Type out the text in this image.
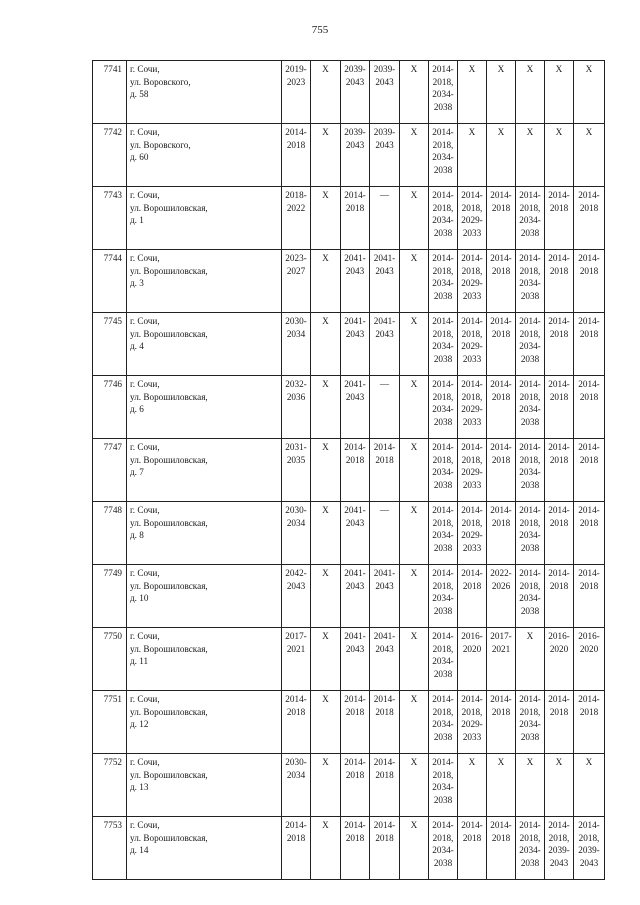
755
7741	г. Сочи,
ул. Воровского,
д. 58	2019-
2023	X	2039-
2043	2039-
2043	X	2014-
2018,
2034-
2038	X	X	X	X	X
7742	г. Сочи,
ул. Воровского,
д. 60	2014-
2018	X	2039-
2043	2039-
2043	X	2014-
2018,
2034-
2038	X	X	X	X	X
7743	г. Сочи,
ул. Ворошиловская,
д. 1	2018-
2022	X	2014-
2018	—	X	2014-
2018,
2034-
2038	2014-
2018,
2029-
2033	2014-
2018	2014-
2018,
2034-
2038	2014-
2018	2014-
2018
7744	г. Сочи,
ул. Ворошиловская,
д. 3	2023-
2027	X	2041-
2043	2041-
2043	X	2014-
2018,
2034-
2038	2014-
2018,
2029-
2033	2014-
2018	2014-
2018,
2034-
2038	2014-
2018	2014-
2018
7745	г. Сочи,
ул. Ворошиловская,
д. 4	2030-
2034	X	2041-
2043	2041-
2043	X	2014-
2018,
2034-
2038	2014-
2018,
2029-
2033	2014-
2018	2014-
2018,
2034-
2038	2014-
2018	2014-
2018
7746	г. Сочи,
ул. Ворошиловская,
д. 6	2032-
2036	X	2041-
2043	—	X	2014-
2018,
2034-
2038	2014-
2018,
2029-
2033	2014-
2018	2014-
2018,
2034-
2038	2014-
2018	2014-
2018
7747	г. Сочи,
ул. Ворошиловская,
д. 7	2031-
2035	X	2014-
2018	2014-
2018	X	2014-
2018,
2034-
2038	2014-
2018,
2029-
2033	2014-
2018	2014-
2018,
2034-
2038	2014-
2018	2014-
2018
7748	г. Сочи,
ул. Ворошиловская,
д. 8	2030-
2034	X	2041-
2043	—	X	2014-
2018,
2034-
2038	2014-
2018,
2029-
2033	2014-
2018	2014-
2018,
2034-
2038	2014-
2018	2014-
2018
7749	г. Сочи,
ул. Ворошиловская,
д. 10	2042-
2043	X	2041-
2043	2041-
2043	X	2014-
2018,
2034-
2038	2014-
2018	2022-
2026	2014-
2018,
2034-
2038	2014-
2018	2014-
2018
7750	г. Сочи,
ул. Ворошиловская,
д. 11	2017-
2021	X	2041-
2043	2041-
2043	X	2014-
2018,
2034-
2038	2016-
2020	2017-
2021	X	2016-
2020	2016-
2020
7751	г. Сочи,
ул. Ворошиловская,
д. 12	2014-
2018	X	2014-
2018	2014-
2018	X	2014-
2018,
2034-
2038	2014-
2018,
2029-
2033	2014-
2018	2014-
2018,
2034-
2038	2014-
2018	2014-
2018
7752	г. Сочи,
ул. Ворошиловская,
д. 13	2030-
2034	X	2014-
2018	2014-
2018	X	2014-
2018,
2034-
2038	X	X	X	X	X
7753	г. Сочи,
ул. Ворошиловская,
д. 14	2014-
2018	X	2014-
2018	2014-
2018	X	2014-
2018,
2034-
2038	2014-
2018	2014-
2018	2014-
2018,
2034-
2038	2014-
2018,
2039-
2043	2014-
2018,
2039-
2043
